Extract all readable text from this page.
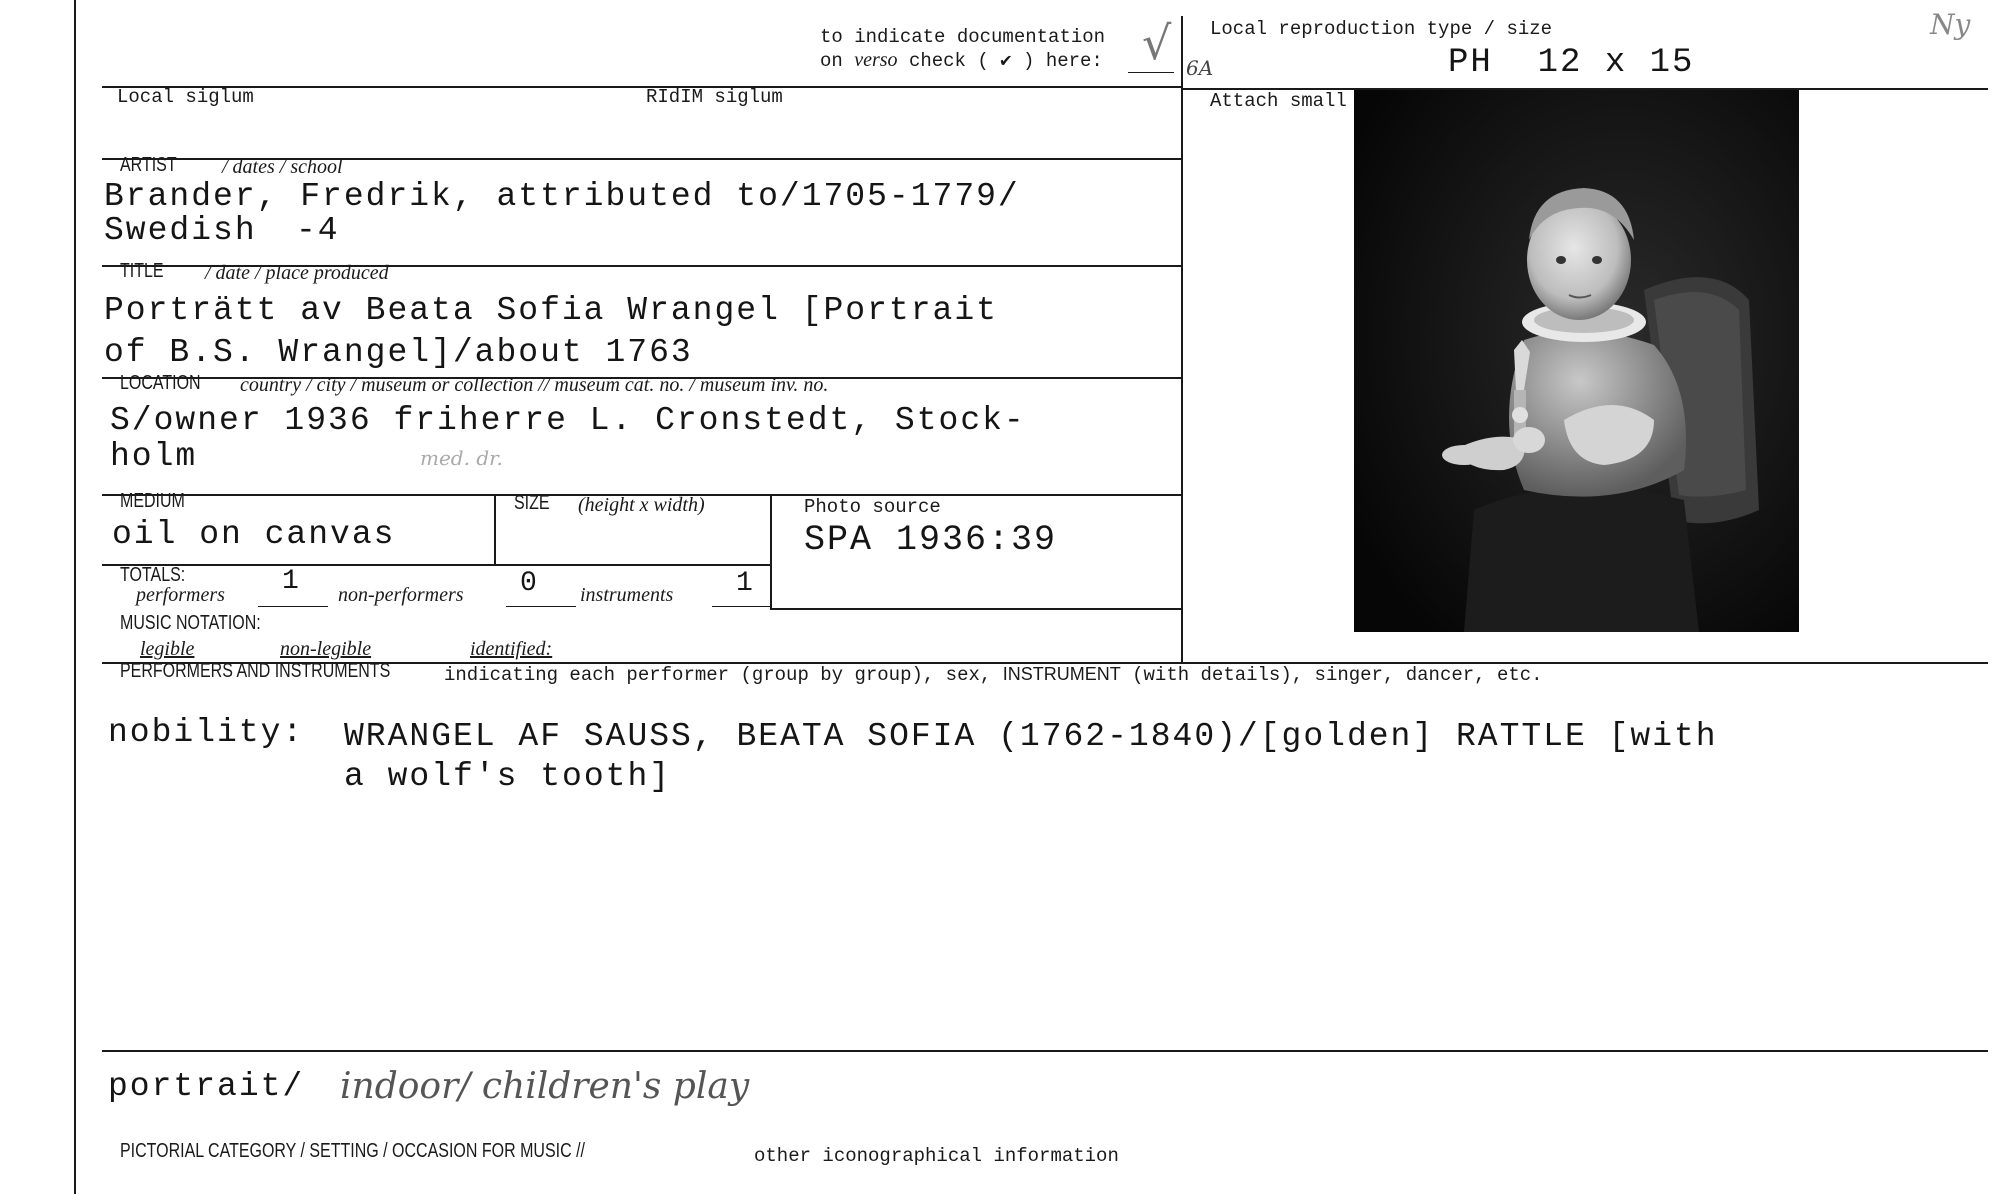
to indicate documentation
on verso check ( ✔ ) here: √ 6A
Local reproduction type / size
PH  12 x 15
Ny
Local siglum	RIdIM siglum	Attach small
ARTIST / dates / school
Brander, Fredrik, attributed to/1705-1779/
Swedish -4
TITLE / date / place produced
Porträtt av Beata Sofia Wrangel [Portrait
of B.S. Wrangel]/about 1763
LOCATION country / city / museum or collection // museum cat. no. / museum inv. no.
S/owner 1936 friherre L. Cronstedt, Stock-
holm	med. dr.
MEDIUM
oil on canvas
SIZE (height x width)	Photo source
SPA 1936:39
TOTALS:
performers 1 non-performers 0 instruments 1
MUSIC NOTATION:
legible	non-legible	identified:
PERFORMERS AND INSTRUMENTS	indicating each performer (group by group), sex, INSTRUMENT (with details), singer, dancer, etc.
nobility: WRANGEL AF SAUSS, BEATA SOFIA (1762-1840)/[golden] RATTLE [with
a wolf's tooth]
portrait/ indoor/ children's play
PICTORIAL CATEGORY / SETTING / OCCASION FOR MUSIC //	other iconographical information
